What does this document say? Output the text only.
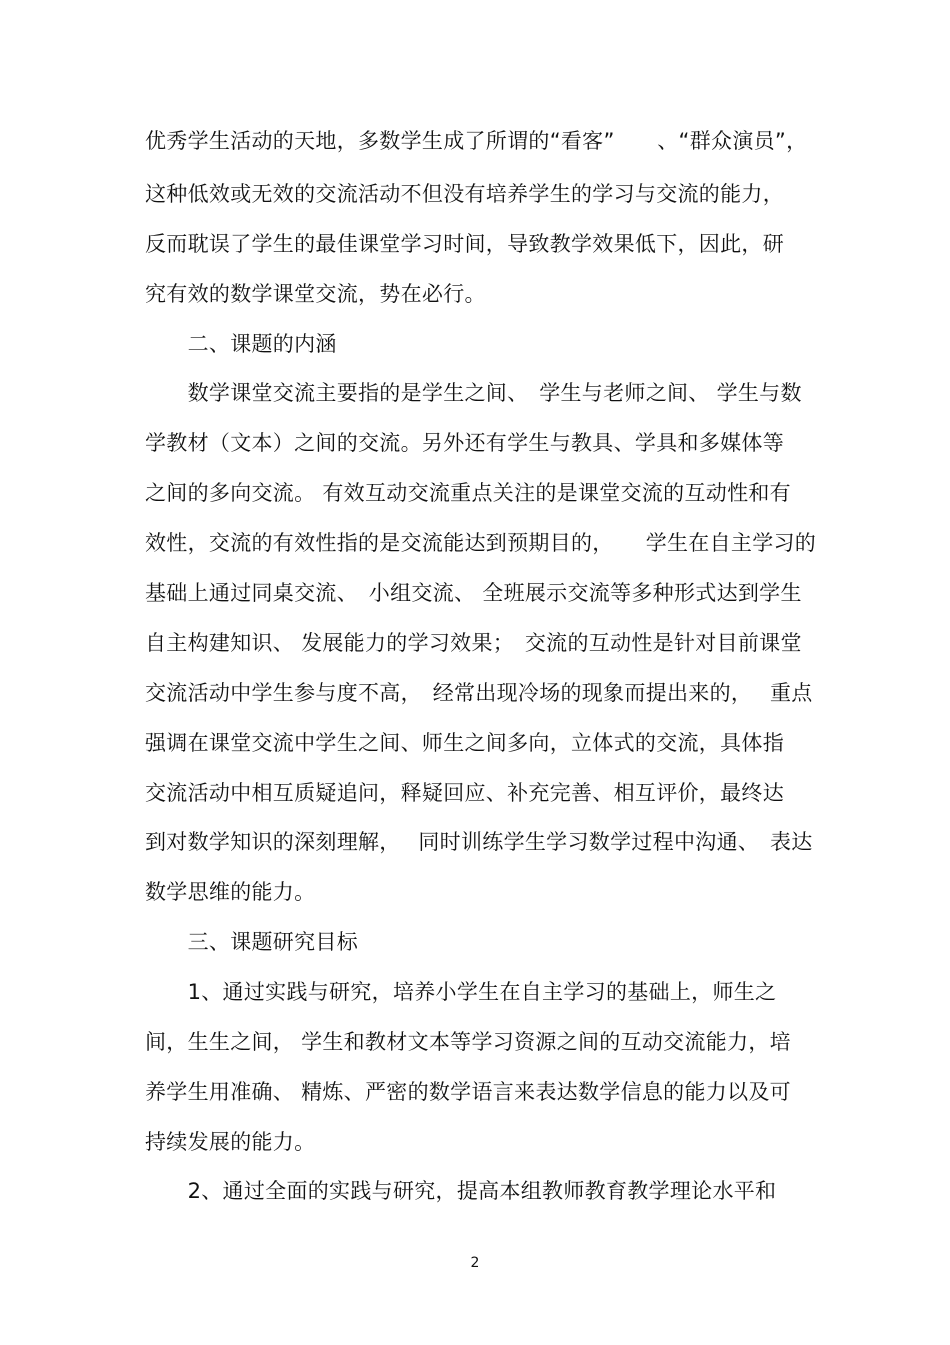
优秀学生活动的天地，多数学生成了所谓的“看客”　　、“群众演员”，
这种低效或无效的交流活动不但没有培养学生的学习与交流的能力，
反而耽误了学生的最佳课堂学习时间，导致教学效果低下，因此，研
究有效的数学课堂交流，势在必行。
　　二、课题的内涵
　　数学课堂交流主要指的是学生之间、　学生与老师之间、 学生与数
学教材（文本）之间的交流。另外还有学生与教具、学具和多媒体等
之间的多向交流。 有效互动交流重点关注的是课堂交流的互动性和有
效性，交流的有效性指的是交流能达到预期目的，　　学生在自主学习的
基础上通过同桌交流、　小组交流、 全班展示交流等多种形式达到学生
自主构建知识、 发展能力的学习效果；　交流的互动性是针对目前课堂
交流活动中学生参与度不高，　经常出现冷场的现象而提出来的，　 重点
强调在课堂交流中学生之间、师生之间多向，立体式的交流，具体指
交流活动中相互质疑追问，释疑回应、补充完善、相互评价，最终达
到对数学知识的深刻理解，　 同时训练学生学习数学过程中沟通、　表达
数学思维的能力。
　　三、课题研究目标
　　1、通过实践与研究，培养小学生在自主学习的基础上，师生之
间，生生之间， 学生和教材文本等学习资源之间的互动交流能力，培
养学生用准确、 精炼、严密的数学语言来表达数学信息的能力以及可
持续发展的能力。
　　2、通过全面的实践与研究，提高本组教师教育教学理论水平和
2
